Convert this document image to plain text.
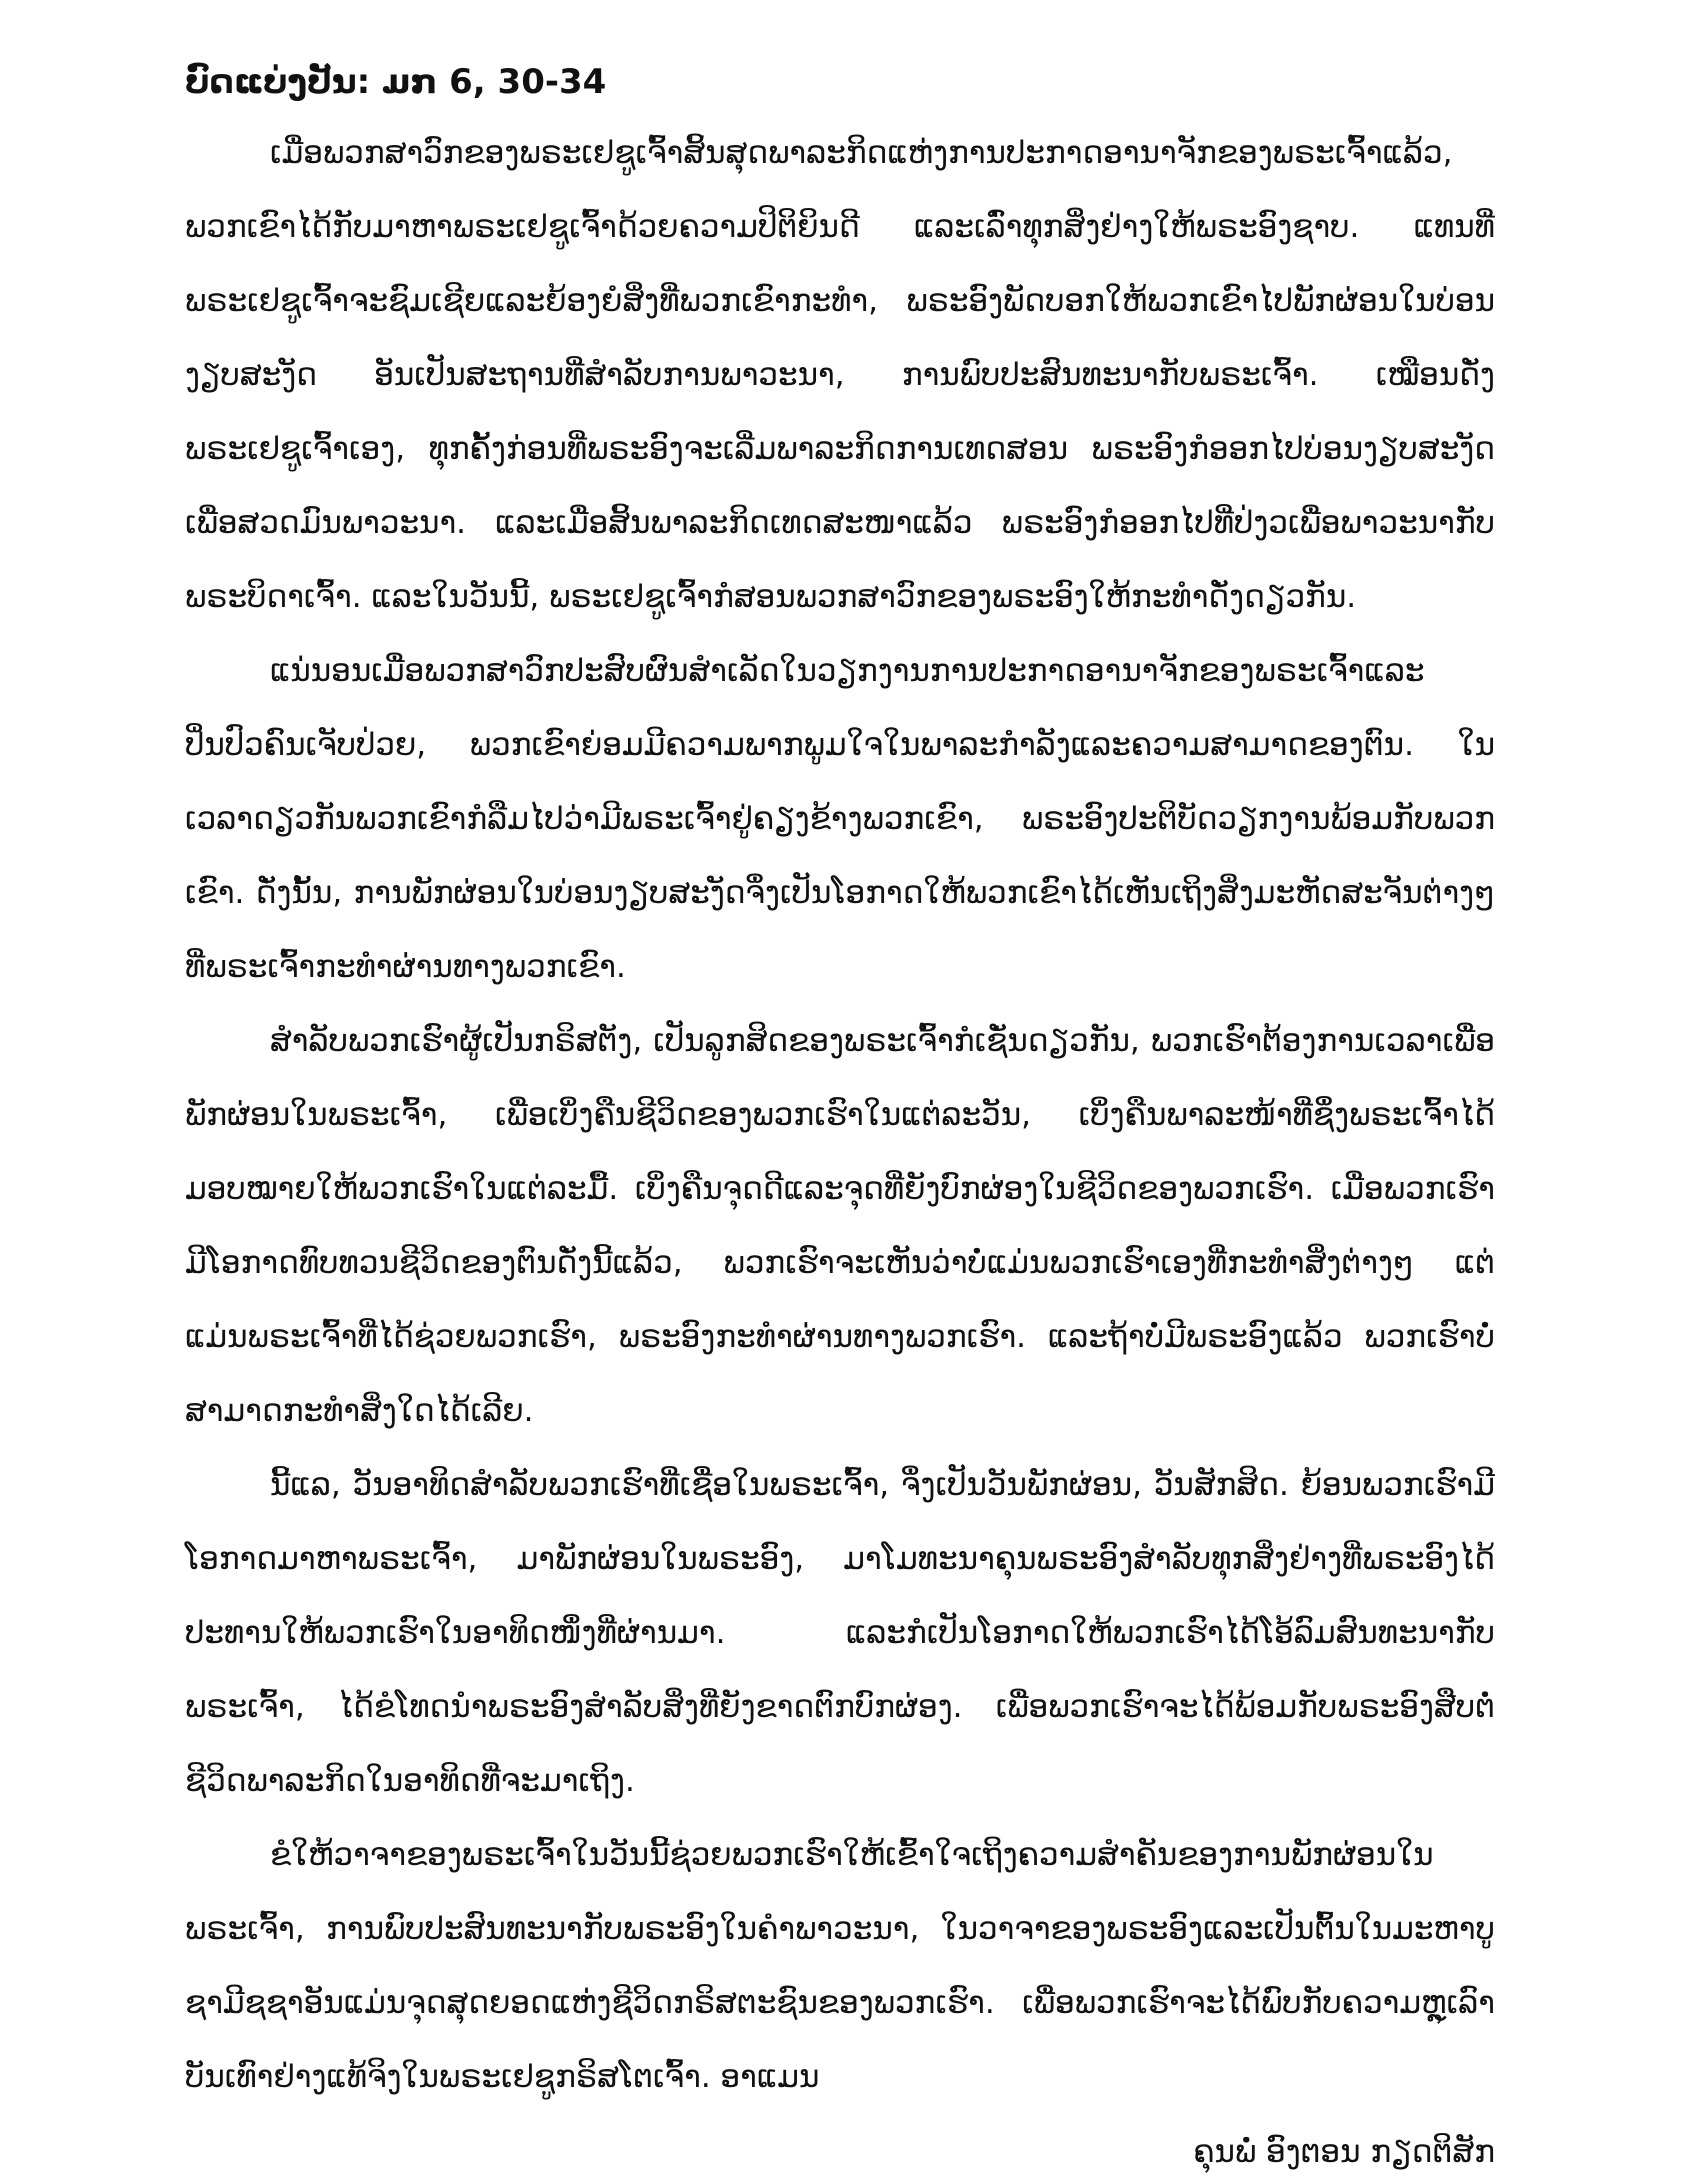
ບົດແບ່ງປັນ: ມກ 6, 30-34

ເມື່ອພວກສາວົກຂອງພຣະເຢຊູເຈົ້າສິ້ນສຸດພາລະກິດແຫ່ງການປະກາດອານາຈັກຂອງພຣະເຈົ້າແລ້ວ, ພວກເຂົາໄດ້ກັບມາຫາພຣະເຢຊູເຈົ້າດ້ວຍຄວາມປິຕິຍິນດີ ແລະເລົ່າທຸກສິ່ງຢ່າງໃຫ້ພຣະອົງຊາບ. ແທນທີ່ພຣະເຢຊູເຈົ້າຈະຊົມເຊີຍແລະຍ້ອງຍໍສິ່ງທີ່ພວກເຂົາກະທຳ, ພຣະອົງພັດບອກໃຫ້ພວກເຂົາໄປພັກຜ່ອນໃນບ່ອນງຽບສະງັດ ອັນເປັນສະຖານທີ່ສຳລັບການພາວະນາ, ການພົບປະສົນທະນາກັບພຣະເຈົ້າ. ເໝືອນດັ່ງພຣະເຢຊູເຈົ້າເອງ, ທຸກຄັ້ງກ່ອນທີ່ພຣະອົງຈະເລີ່ມພາລະກິດການເທດສອນ ພຣະອົງກໍອອກໄປບ່ອນງຽບສະງັດເພື່ອສວດມົນພາວະນາ. ແລະເມື່ອສິ້ນພາລະກິດເທດສະໜາແລ້ວ ພຣະອົງກໍອອກໄປທີ່ປ່ງວເພື່ອພາວະນາກັບພຣະບິດາເຈົ້າ. ແລະໃນວັນນີ້, ພຣະເຢຊູເຈົ້າກໍສອນພວກສາວົກຂອງພຣະອົງໃຫ້ກະທຳດັ່ງດຽວກັນ.

ແນ່ນອນເມື່ອພວກສາວົກປະສົບຜົນສຳເລັດໃນວຽກງານການປະກາດອານາຈັກຂອງພຣະເຈົ້າແລະປິ່ນປົວຄົນເຈັບປ່ວຍ, ພວກເຂົາຍ່ອມມີຄວາມພາກພູມໃຈໃນພາລະກຳລັງແລະຄວາມສາມາດຂອງຕົນ. ໃນເວລາດຽວກັນພວກເຂົາກໍລືມໄປວ່າມີພຣະເຈົ້າຢູ່ຄຽງຂ້າງພວກເຂົາ, ພຣະອົງປະຕິບັດວຽກງານພ້ອມກັບພວກເຂົາ. ດັ່ງນັ້ນ, ການພັກຜ່ອນໃນບ່ອນງຽບສະງັດຈຶ່ງເປັນໂອກາດໃຫ້ພວກເຂົາໄດ້ເຫັນເຖິງສິ່ງມະຫັດສະຈັນຕ່າງໆທີ່ພຣະເຈົ້າກະທຳຜ່ານທາງພວກເຂົາ.

ສຳລັບພວກເຮົາຜູ້ເປັນກຣິສຕັງ, ເປັນລູກສິດຂອງພຣະເຈົ້າກໍເຊັ່ນດຽວກັນ, ພວກເຮົາຕ້ອງການເວລາເພື່ອພັກຜ່ອນໃນພຣະເຈົ້າ, ເພື່ອເບິ່ງຄືນຊີວິດຂອງພວກເຮົາໃນແຕ່ລະວັນ, ເບິ່ງຄືນພາລະໜ້າທີ່ຊຶ່ງພຣະເຈົ້າໄດ້ມອບໝາຍໃຫ້ພວກເຮົາໃນແຕ່ລະມື້. ເບິ່ງຄືນຈຸດດີແລະຈຸດທີ່ຍັງບົກຜ່ອງໃນຊີວິດຂອງພວກເຮົາ. ເມື່ອພວກເຮົາມີໂອກາດທົບທວນຊີວິດຂອງຕົນດັ່ງນີ້ແລ້ວ, ພວກເຮົາຈະເຫັນວ່າບໍ່ແມ່ນພວກເຮົາເອງທີ່ກະທຳສິ່ງຕ່າງໆ ແຕ່ແມ່ນພຣະເຈົ້າທີ່ໄດ້ຊ່ວຍພວກເຮົາ, ພຣະອົງກະທຳຜ່ານທາງພວກເຮົາ. ແລະຖ້າບໍ່ມີພຣະອົງແລ້ວ ພວກເຮົາບໍ່ສາມາດກະທຳສິ່ງໃດໄດ້ເລີຍ.

ນີ້ແລ, ວັນອາທິດສຳລັບພວກເຮົາທີ່ເຊື່ອໃນພຣະເຈົ້າ, ຈຶ່ງເປັນວັນພັກຜ່ອນ, ວັນສັກສິດ. ຍ້ອນພວກເຮົາມີໂອກາດມາຫາພຣະເຈົ້າ, ມາພັກຜ່ອນໃນພຣະອົງ, ມາໂມທະນາຄຸນພຣະອົງສຳລັບທຸກສິ່ງຢ່າງທີ່ພຣະອົງໄດ້ປະທານໃຫ້ພວກເຮົາໃນອາທິດໜຶ່ງທີ່ຜ່ານມາ. ແລະກໍເປັນໂອກາດໃຫ້ພວກເຮົາໄດ້ໂອ້ລົມສົນທະນາກັບພຣະເຈົ້າ, ໄດ້ຂໍໂທດນຳພຣະອົງສຳລັບສິ່ງທີ່ຍັງຂາດຕົກບົກຜ່ອງ. ເພື່ອພວກເຮົາຈະໄດ້ພ້ອມກັບພຣະອົງສືບຕໍ່ຊີວິດພາລະກິດໃນອາທິດທີ່ຈະມາເຖິງ.

ຂໍໃຫ້ວາຈາຂອງພຣະເຈົ້າໃນວັນນີ້ຊ່ວຍພວກເຮົາໃຫ້ເຂົ້າໃຈເຖິງຄວາມສຳຄັນຂອງການພັກຜ່ອນໃນພຣະເຈົ້າ, ການພົບປະສົນທະນາກັບພຣະອົງໃນຄຳພາວະນາ, ໃນວາຈາຂອງພຣະອົງແລະເປັນຕົ້ນໃນມະຫາບູຊາມີຊຊາອັນແມ່ນຈຸດສຸດຍອດແຫ່ງຊີວິດກຣິສຕະຊົນຂອງພວກເຮົາ. ເພື່ອພວກເຮົາຈະໄດ້ພົບກັບຄວາມຫຼຸເລົາບັນເທົາຢ່າງແທ້ຈິງໃນພຣະເຢຊູກຣິສໂຕເຈົ້າ. ອາແມນ

ຄຸນພໍ່ ອົງຕອນ ກຽດຕິສັກ
